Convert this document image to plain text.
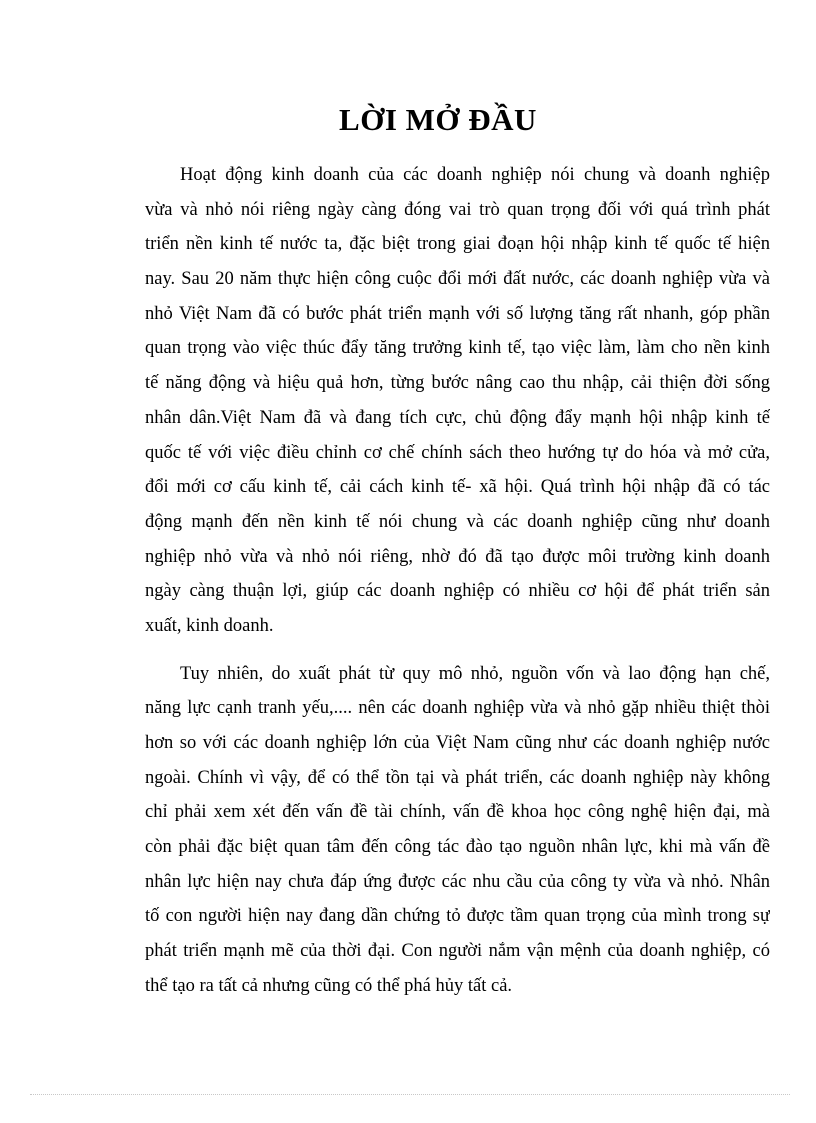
LỜI MỞ ĐẦU
Hoạt động kinh doanh của các doanh nghiệp nói chung và doanh nghiệp
vừa và nhỏ nói riêng ngày càng đóng vai trò quan trọng đối với quá trình phát
triển nền kinh tế nước ta, đặc biệt trong giai đoạn hội nhập kinh tế quốc tế hiện
nay. Sau 20 năm thực hiện công cuộc đổi mới đất nước, các doanh nghiệp vừa và
nhỏ Việt Nam đã có bước phát triển mạnh với số lượng tăng rất nhanh, góp phần
quan trọng vào việc thúc đẩy tăng trưởng kinh tế, tạo việc làm, làm cho nền kinh
tế năng động và hiệu quả hơn, từng bước nâng cao thu nhập, cải thiện đời sống
nhân dân.Việt Nam đã và đang tích cực, chủ động đẩy mạnh hội nhập kinh tế
quốc tế với việc điều chỉnh cơ chế chính sách theo hướng tự do hóa và mở cửa,
đổi mới cơ cấu kinh tế, cải cách kinh tế- xã hội. Quá trình hội nhập đã có tác
động mạnh đến nền kinh tế nói chung và các doanh nghiệp cũng như doanh
nghiệp nhỏ vừa và nhỏ nói riêng, nhờ đó đã tạo được môi trường kinh doanh
ngày càng thuận lợi, giúp các doanh nghiệp có nhiều cơ hội để phát triển sản
xuất, kinh doanh.
Tuy nhiên, do xuất phát từ quy mô nhỏ, nguồn vốn và lao động hạn chế,
năng lực cạnh tranh yếu,.... nên các doanh nghiệp vừa và nhỏ gặp nhiều thiệt thòi
hơn so với các doanh nghiệp lớn của Việt Nam cũng như các doanh nghiệp nước
ngoài. Chính vì vậy, để có thể tồn tại và phát triển, các doanh nghiệp này không
chỉ phải xem xét đến vấn đề tài chính, vấn đề khoa học công nghệ hiện đại, mà
còn phải đặc biệt quan tâm đến công tác đào tạo nguồn nhân lực, khi mà vấn đề
nhân lực hiện nay chưa đáp ứng được các nhu cầu của công ty vừa và nhỏ. Nhân
tố con người hiện nay đang dần chứng tỏ được tầm quan trọng của mình trong sự
phát triển mạnh mẽ của thời đại. Con người nắm vận mệnh của doanh nghiệp, có
thể tạo ra tất cả nhưng cũng có thể phá hủy tất cả.
